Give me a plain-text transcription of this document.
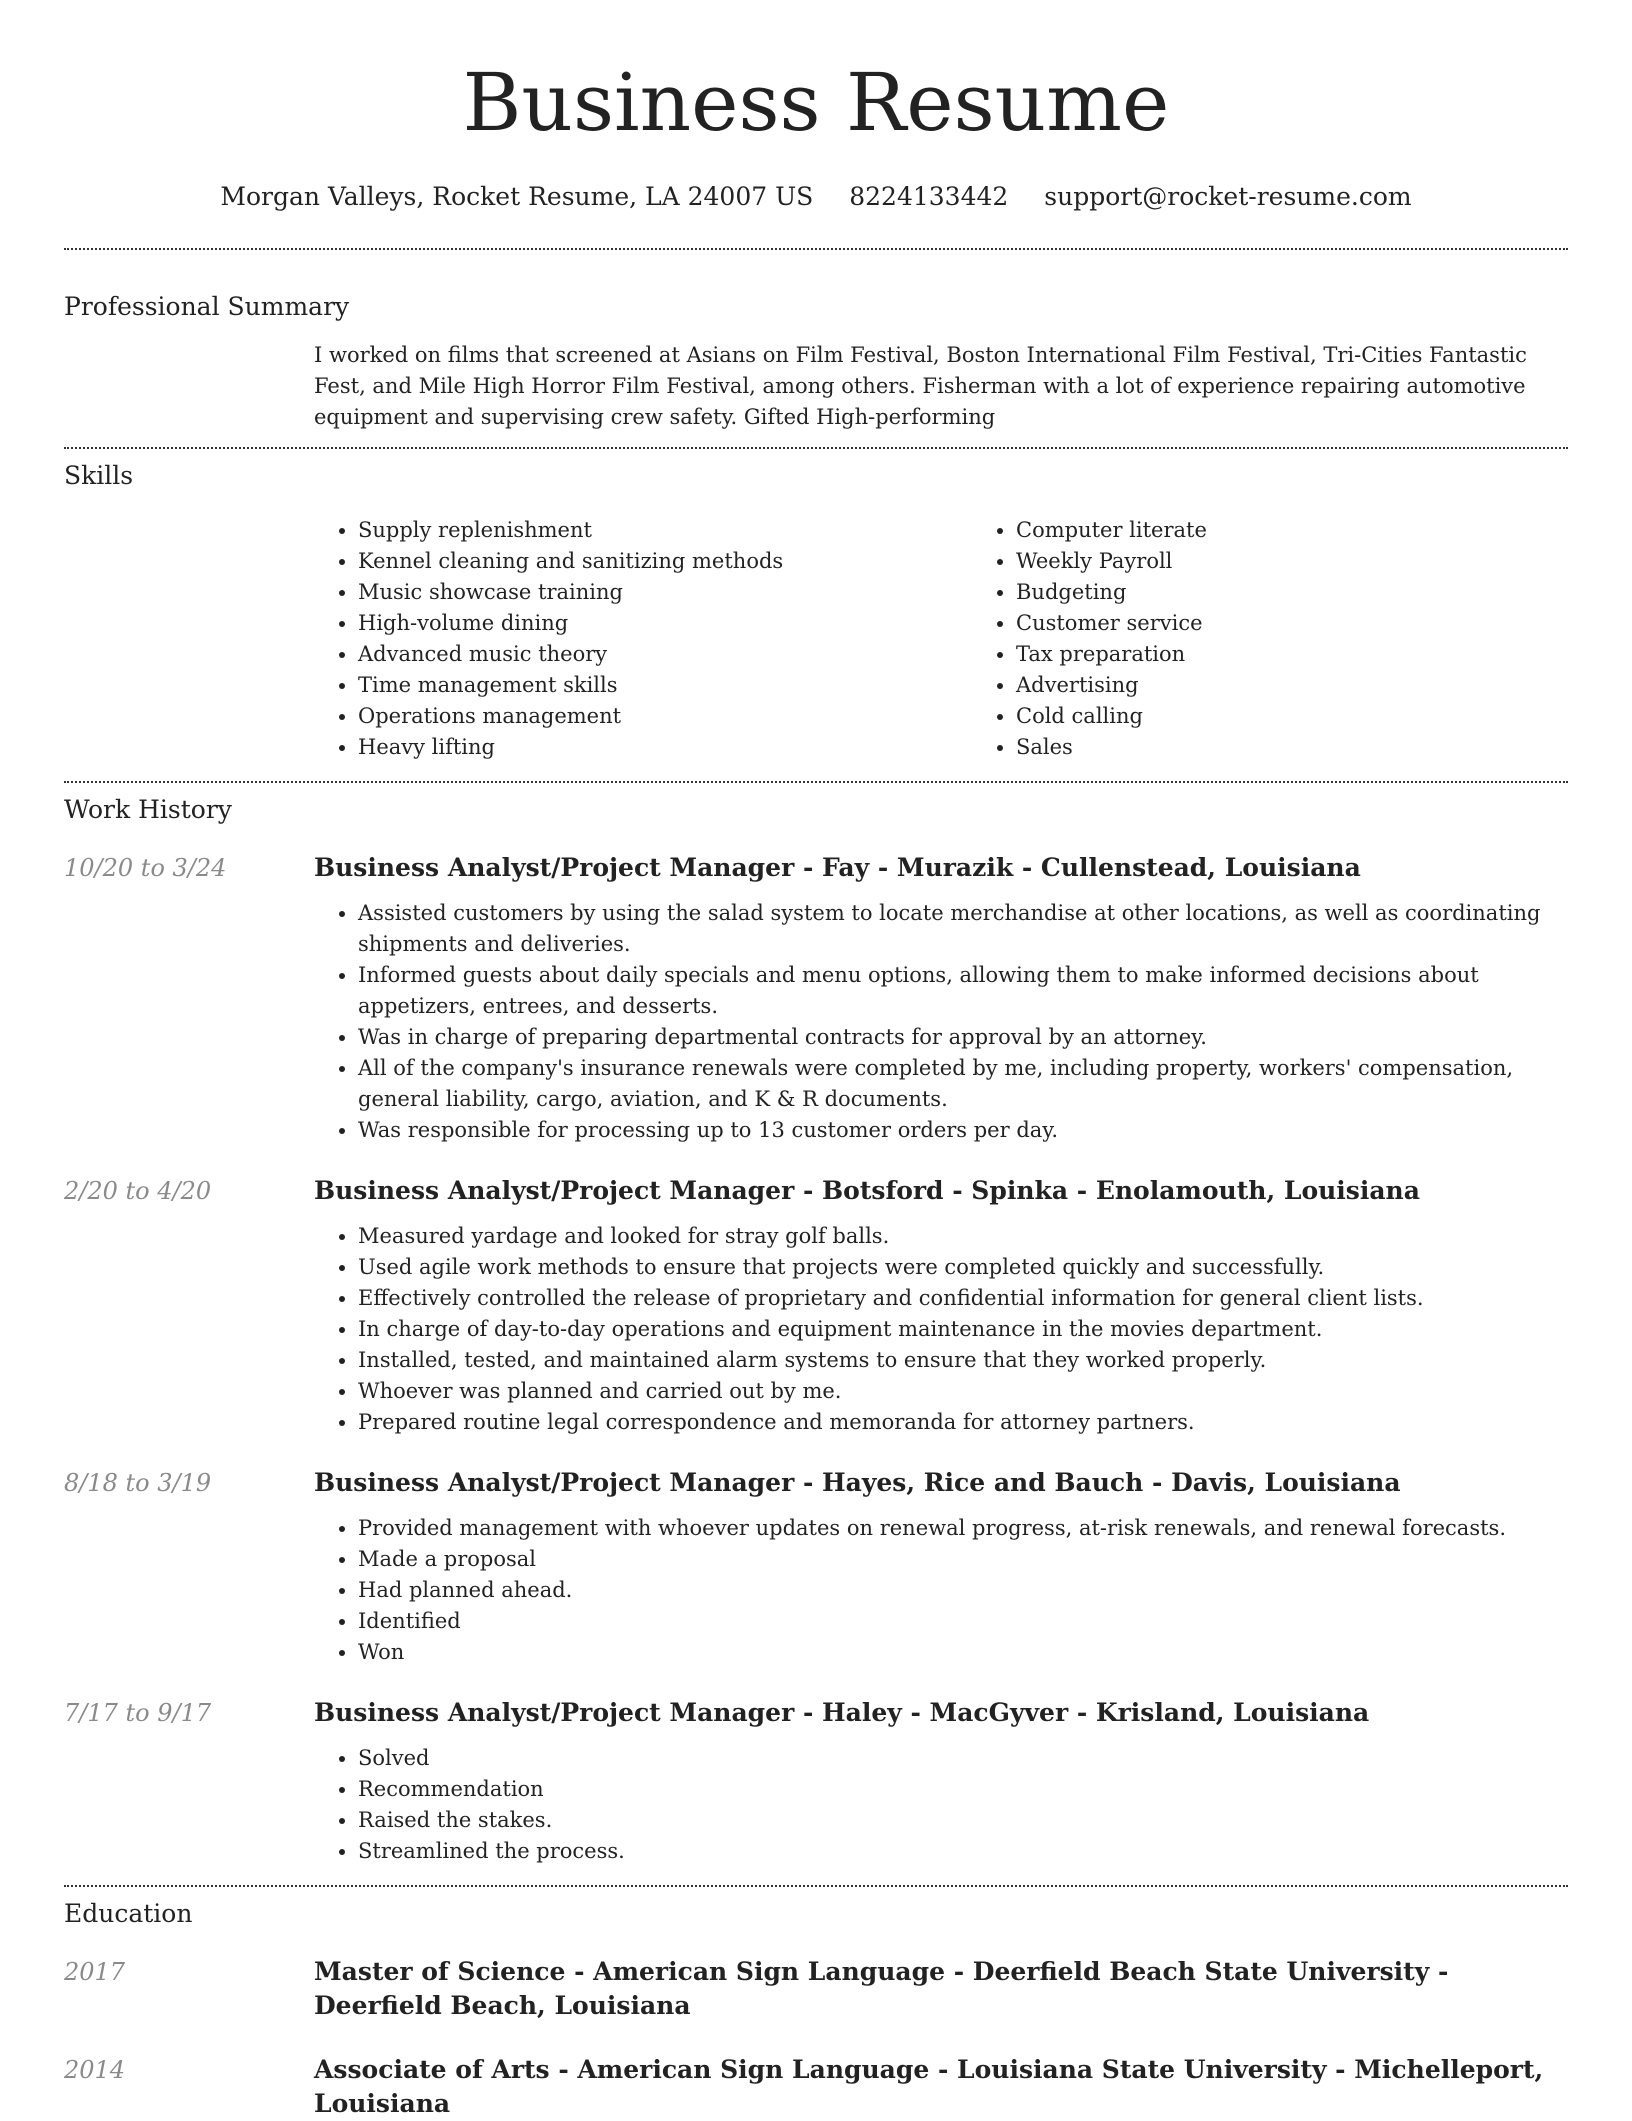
Business Resume
Morgan Valleys, Rocket Resume, LA 24007 US 8224133442 support@rocket-resume.com
Professional Summary

I worked on films that screened at Asians on Film Festival, Boston International Film Festival, Tri-Cities Fantastic Fest, and Mile High Horror Film Festival, among others. Fisherman with a lot of experience repairing automotive equipment and supervising crew safety. Gifted High-performing

Skills
• Supply replenishment
• Kennel cleaning and sanitizing methods
• Music showcase training
• High-volume dining
• Advanced music theory
• Time management skills
• Operations management
• Heavy lifting
• Computer literate
• Weekly Payroll
• Budgeting
• Customer service
• Tax preparation
• Advertising
• Cold calling
• Sales
Work History
10/20 to 3/24	Business Analyst/Project Manager - Fay - Murazik - Cullenstead, Louisiana
• Assisted customers by using the salad system to locate merchandise at other locations, as well as coordinating shipments and deliveries.
• Informed guests about daily specials and menu options, allowing them to make informed decisions about appetizers, entrees, and desserts.
• Was in charge of preparing departmental contracts for approval by an attorney.
• All of the company's insurance renewals were completed by me, including property, workers' compensation, general liability, cargo, aviation, and K & R documents.
• Was responsible for processing up to 13 customer orders per day.
2/20 to 4/20	Business Analyst/Project Manager - Botsford - Spinka - Enolamouth, Louisiana
• Measured yardage and looked for stray golf balls.
• Used agile work methods to ensure that projects were completed quickly and successfully.
• Effectively controlled the release of proprietary and confidential information for general client lists.
• In charge of day-to-day operations and equipment maintenance in the movies department.
• Installed, tested, and maintained alarm systems to ensure that they worked properly.
• Whoever was planned and carried out by me.
• Prepared routine legal correspondence and memoranda for attorney partners.
8/18 to 3/19	Business Analyst/Project Manager - Hayes, Rice and Bauch - Davis, Louisiana
• Provided management with whoever updates on renewal progress, at-risk renewals, and renewal forecasts.
• Made a proposal
• Had planned ahead.
• Identified
• Won
7/17 to 9/17	Business Analyst/Project Manager - Haley - MacGyver - Krisland, Louisiana
• Solved
• Recommendation
• Raised the stakes.
• Streamlined the process.
Education
2017	Master of Science - American Sign Language - Deerfield Beach State University - Deerfield Beach, Louisiana
2014	Associate of Arts - American Sign Language - Louisiana State University - Michelleport, Louisiana
